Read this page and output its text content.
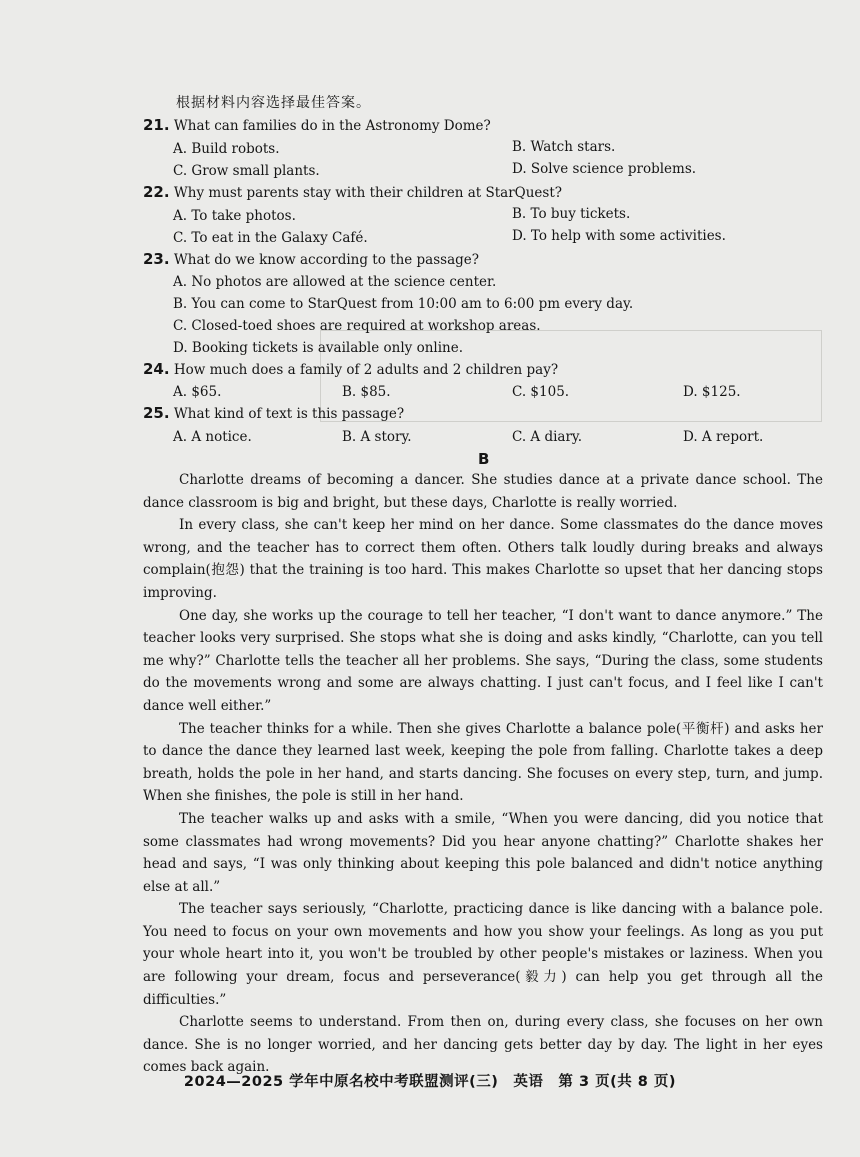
根据材料内容选择最佳答案。
21. What can families do in the Astronomy Dome?
A. Build robots.	B. Watch stars.
C. Grow small plants.	D. Solve science problems.
22. Why must parents stay with their children at StarQuest?
A. To take photos.	B. To buy tickets.
C. To eat in the Galaxy Café.	D. To help with some activities.
23. What do we know according to the passage?
A. No photos are allowed at the science center.
B. You can come to StarQuest from 10:00 am to 6:00 pm every day.
C. Closed-toed shoes are required at workshop areas.
D. Booking tickets is available only online.
24. How much does a family of 2 adults and 2 children pay?
A. $65.	B. $85.	C. $105.	D. $125.
25. What kind of text is this passage?
A. A notice.	B. A story.	C. A diary.	D. A report.
B

Charlotte dreams of becoming a dancer. She studies dance at a private dance school. The dance classroom is big and bright, but these days, Charlotte is really worried.

In every class, she can't keep her mind on her dance. Some classmates do the dance moves wrong, and the teacher has to correct them often. Others talk loudly during breaks and always complain(抱怨) that the training is too hard. This makes Charlotte so upset that her dancing stops improving.

One day, she works up the courage to tell her teacher, “I don't want to dance anymore.” The teacher looks very surprised. She stops what she is doing and asks kindly, “Charlotte, can you tell me why?” Charlotte tells the teacher all her problems. She says, “During the class, some students do the movements wrong and some are always chatting. I just can't focus, and I feel like I can't dance well either.”

The teacher thinks for a while. Then she gives Charlotte a balance pole(平衡杆) and asks her to dance the dance they learned last week, keeping the pole from falling. Charlotte takes a deep breath, holds the pole in her hand, and starts dancing. She focuses on every step, turn, and jump. When she finishes, the pole is still in her hand.

The teacher walks up and asks with a smile, “When you were dancing, did you notice that some classmates had wrong movements? Did you hear anyone chatting?” Charlotte shakes her head and says, “I was only thinking about keeping this pole balanced and didn't notice anything else at all.”

The teacher says seriously, “Charlotte, practicing dance is like dancing with a balance pole. You need to focus on your own movements and how you show your feelings. As long as you put your whole heart into it, you won't be troubled by other people's mistakes or laziness. When you are following your dream, focus and perseverance(毅力) can help you get through all the difficulties.”

Charlotte seems to understand. From then on, during every class, she focuses on her own dance. She is no longer worried, and her dancing gets better day by day. The light in her eyes comes back again.

2024—2025 学年中原名校中考联盟测评(三)　英语　第 3 页(共 8 页)
